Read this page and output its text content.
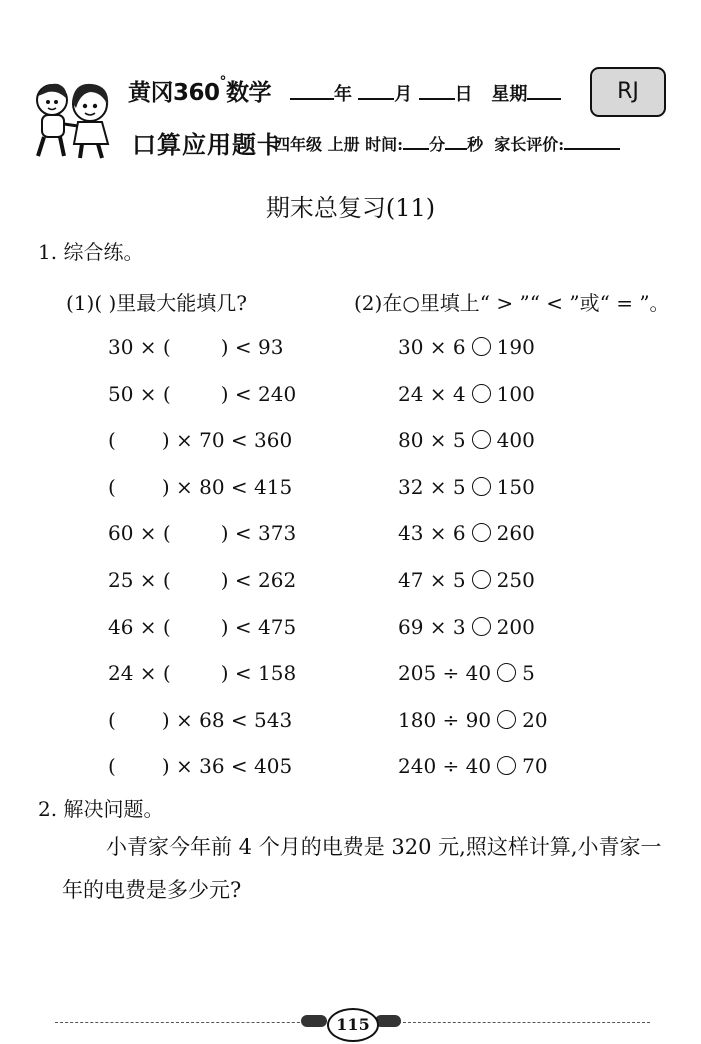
黄冈360°数学	年 月 日 星期	RJ
口算应用题卡
四年级 上册 时间: 分 秒 家长评价:
期末总复习(11)
1. 综合练。
(1)( )里最大能填几?	(2)在○里填上“ > ”“ < ”或“ = ”。
30 × (	) < 93
50 × (	) < 240
( ) × 70 < 360
( ) × 80 < 415
60 × (	) < 373
25 × (	) < 262
46 × (	) < 475
24 × (	) < 158
( ) × 68 < 543
( ) × 36 < 405
30 × 6 190
24 × 4 100
80 × 5 400
32 × 5 150
43 × 6 260
47 × 5 250
69 × 3 200
205 ÷ 40 5
180 ÷ 90 20
240 ÷ 40 70
2. 解决问题。
小青家今年前 4 个月的电费是 320 元,照这样计算,小青家一年的电费是多少元?
115
